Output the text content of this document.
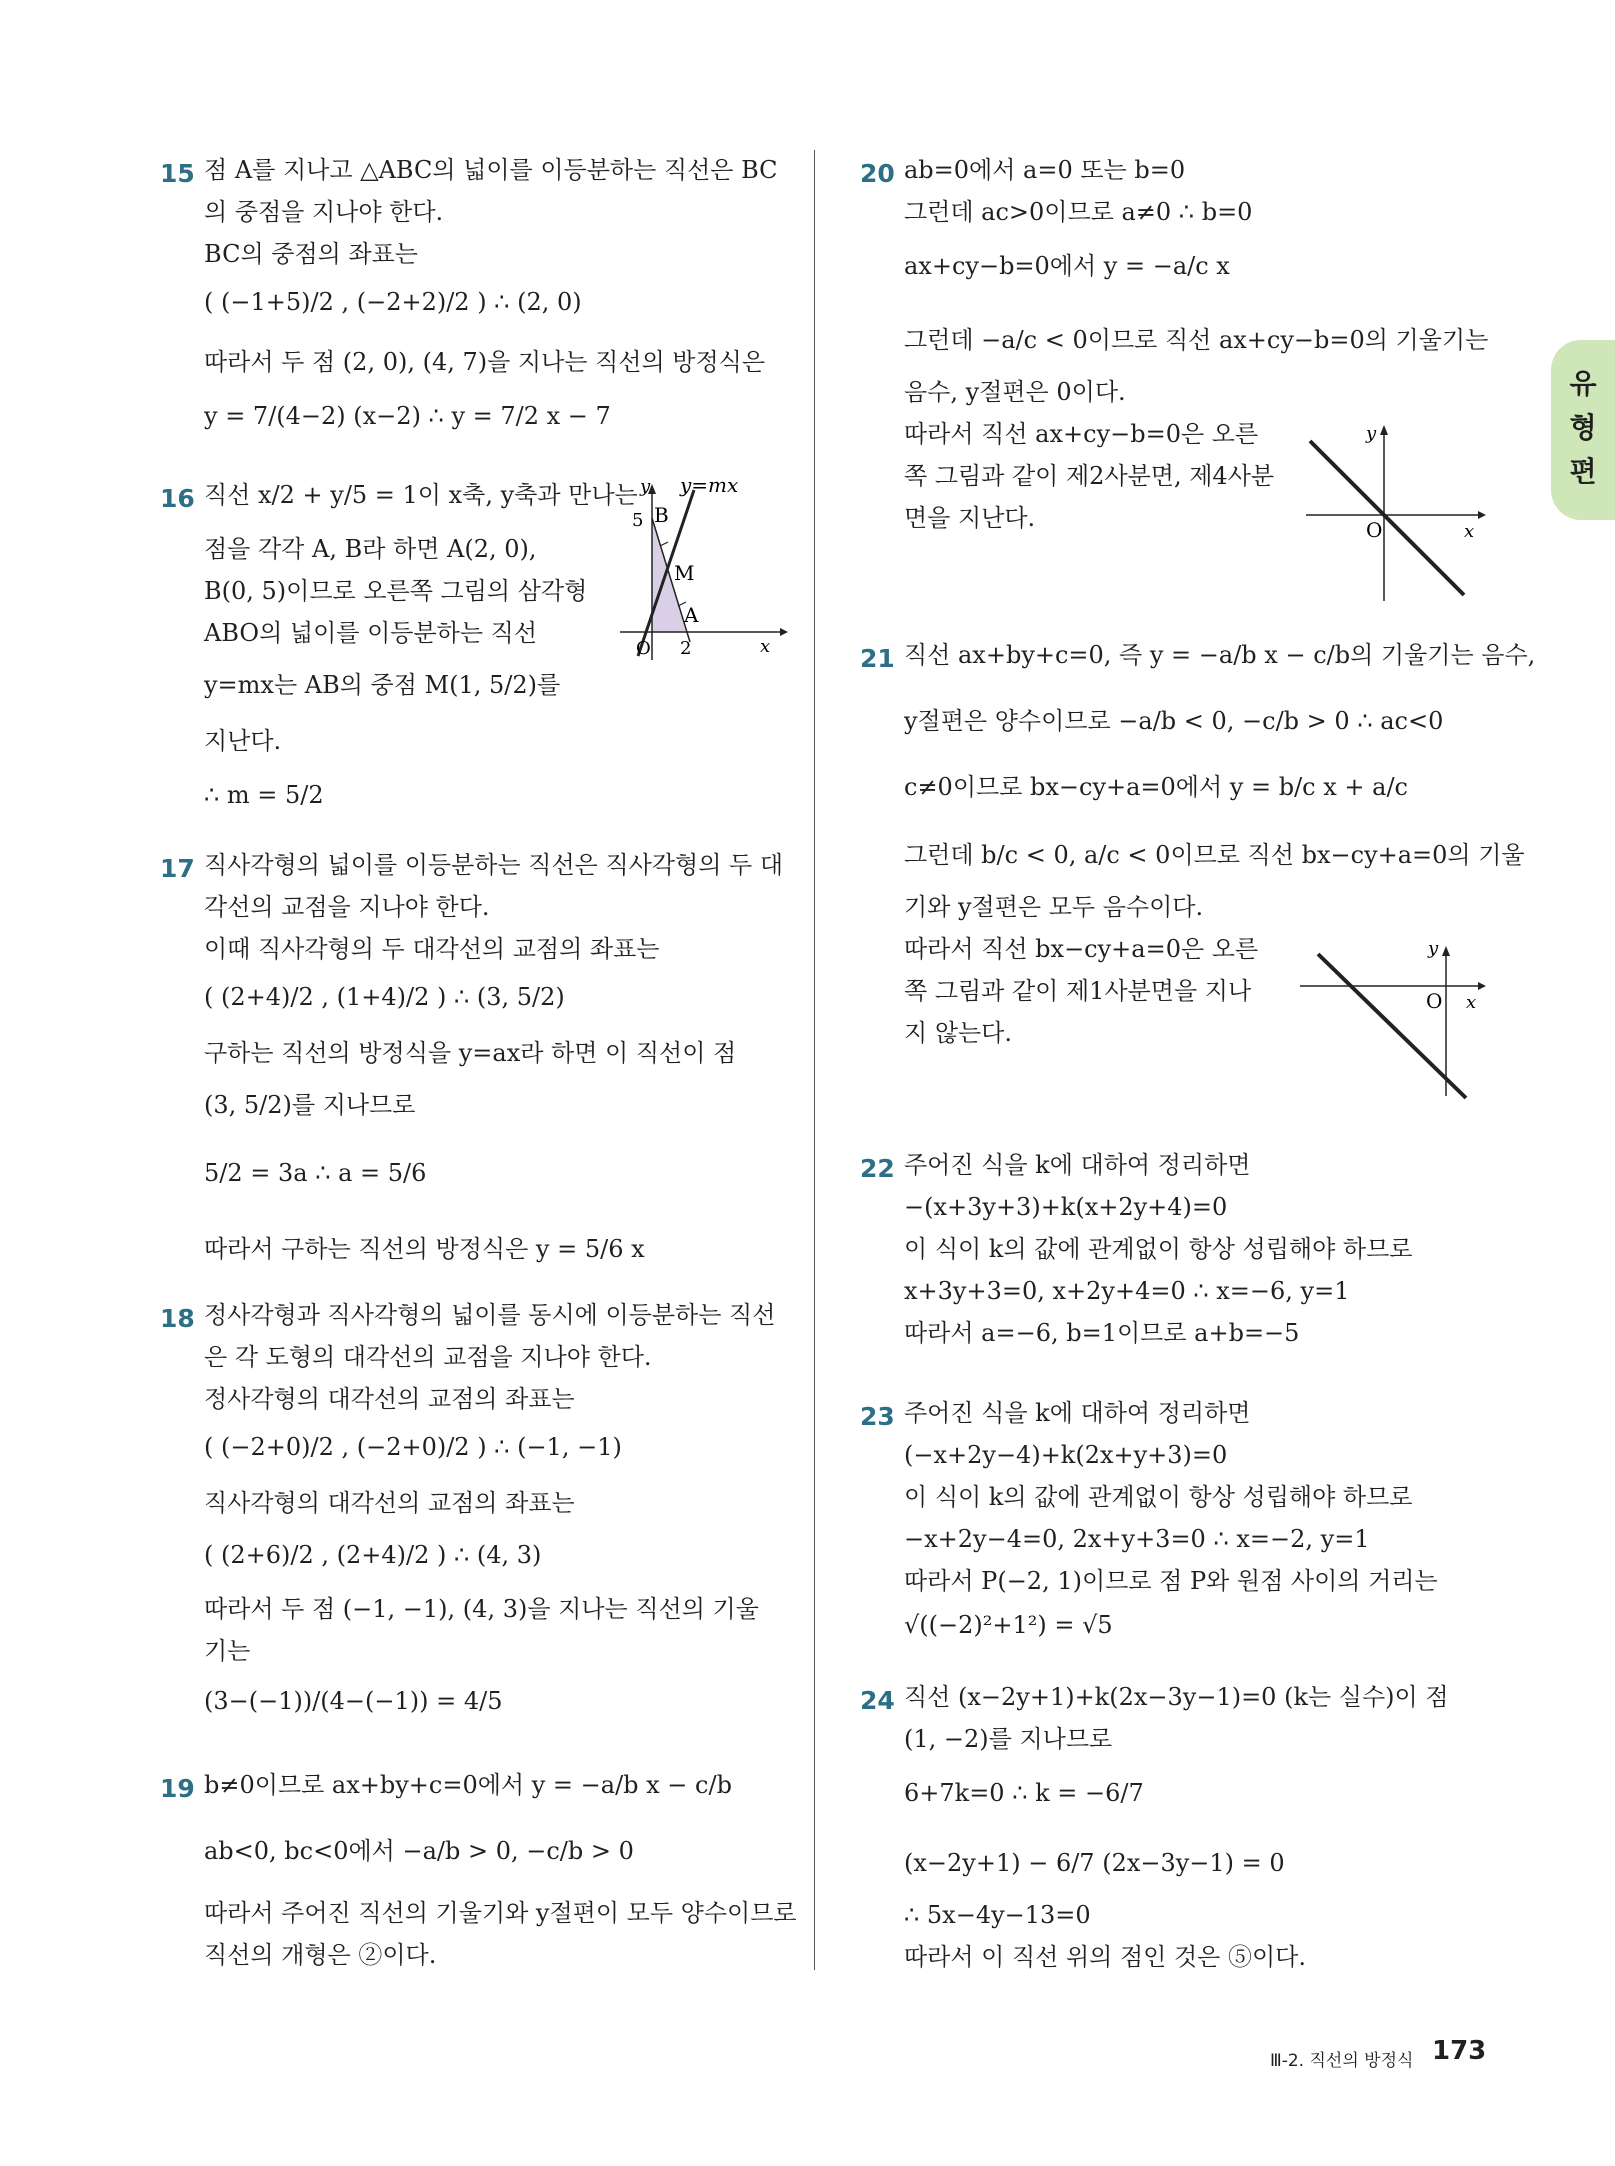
유형편
15 점 A를 지나고 △ABC의 넓이를 이등분하는 직선은 BC
의 중점을 지나야 한다.
BC의 중점의 좌표는
( (−1+5)/2 , (−2+2)/2 ) ∴ (2, 0)
따라서 두 점 (2, 0), (4, 7)을 지나는 직선의 방정식은
y = 7/(4−2) (x−2) ∴ y = 7/2 x − 7
16 직선 x/2 + y/5 = 1이 x축, y축과 만나는
점을 각각 A, B라 하면 A(2, 0),
B(0, 5)이므로 오른쪽 그림의 삼각형
ABO의 넓이를 이등분하는 직선
y=mx는 AB의 중점 M(1, 5/2)를
지난다.
∴ m = 5/2
y y=mx
5 B
M
A
O 2	x
17 직사각형의 넓이를 이등분하는 직선은 직사각형의 두 대
각선의 교점을 지나야 한다.
이때 직사각형의 두 대각선의 교점의 좌표는
( (2+4)/2 , (1+4)/2 ) ∴ (3, 5/2)
구하는 직선의 방정식을 y=ax라 하면 이 직선이 점
(3, 5/2)를 지나므로
5/2 = 3a ∴ a = 5/6
따라서 구하는 직선의 방정식은 y = 5/6 x
18 정사각형과 직사각형의 넓이를 동시에 이등분하는 직선
은 각 도형의 대각선의 교점을 지나야 한다.
정사각형의 대각선의 교점의 좌표는
( (−2+0)/2 , (−2+0)/2 ) ∴ (−1, −1)
직사각형의 대각선의 교점의 좌표는
( (2+6)/2 , (2+4)/2 ) ∴ (4, 3)
따라서 두 점 (−1, −1), (4, 3)을 지나는 직선의 기울
기는
(3−(−1))/(4−(−1)) = 4/5
19 b≠0이므로 ax+by+c=0에서 y = −a/b x − c/b
ab<0, bc<0에서 −a/b > 0, −c/b > 0
따라서 주어진 직선의 기울기와 y절편이 모두 양수이므로
직선의 개형은 ②이다.
20 ab=0에서 a=0 또는 b=0
그런데 ac>0이므로 a≠0 ∴ b=0
ax+cy−b=0에서 y = −a/c x
그런데 −a/c < 0이므로 직선 ax+cy−b=0의 기울기는
음수, y절편은 0이다.
따라서 직선 ax+cy−b=0은 오른
쪽 그림과 같이 제2사분면, 제4사분
면을 지난다.
y
O	x
21 직선 ax+by+c=0, 즉 y = −a/b x − c/b의 기울기는 음수,
y절편은 양수이므로 −a/b < 0, −c/b > 0 ∴ ac<0
c≠0이므로 bx−cy+a=0에서 y = b/c x + a/c
그런데 b/c < 0, a/c < 0이므로 직선 bx−cy+a=0의 기울
기와 y절편은 모두 음수이다.
따라서 직선 bx−cy+a=0은 오른
쪽 그림과 같이 제1사분면을 지나
지 않는다.
y
O x
22 주어진 식을 k에 대하여 정리하면
−(x+3y+3)+k(x+2y+4)=0
이 식이 k의 값에 관계없이 항상 성립해야 하므로
x+3y+3=0, x+2y+4=0 ∴ x=−6, y=1
따라서 a=−6, b=1이므로 a+b=−5
23 주어진 식을 k에 대하여 정리하면
(−x+2y−4)+k(2x+y+3)=0
이 식이 k의 값에 관계없이 항상 성립해야 하므로
−x+2y−4=0, 2x+y+3=0 ∴ x=−2, y=1
따라서 P(−2, 1)이므로 점 P와 원점 사이의 거리는
√((−2)²+1²) = √5
24 직선 (x−2y+1)+k(2x−3y−1)=0 (k는 실수)이 점
(1, −2)를 지나므로
6+7k=0 ∴ k = −6/7
(x−2y+1) − 6/7 (2x−3y−1) = 0
∴ 5x−4y−13=0
따라서 이 직선 위의 점인 것은 ⑤이다.
Ⅲ-2. 직선의 방정식 173
